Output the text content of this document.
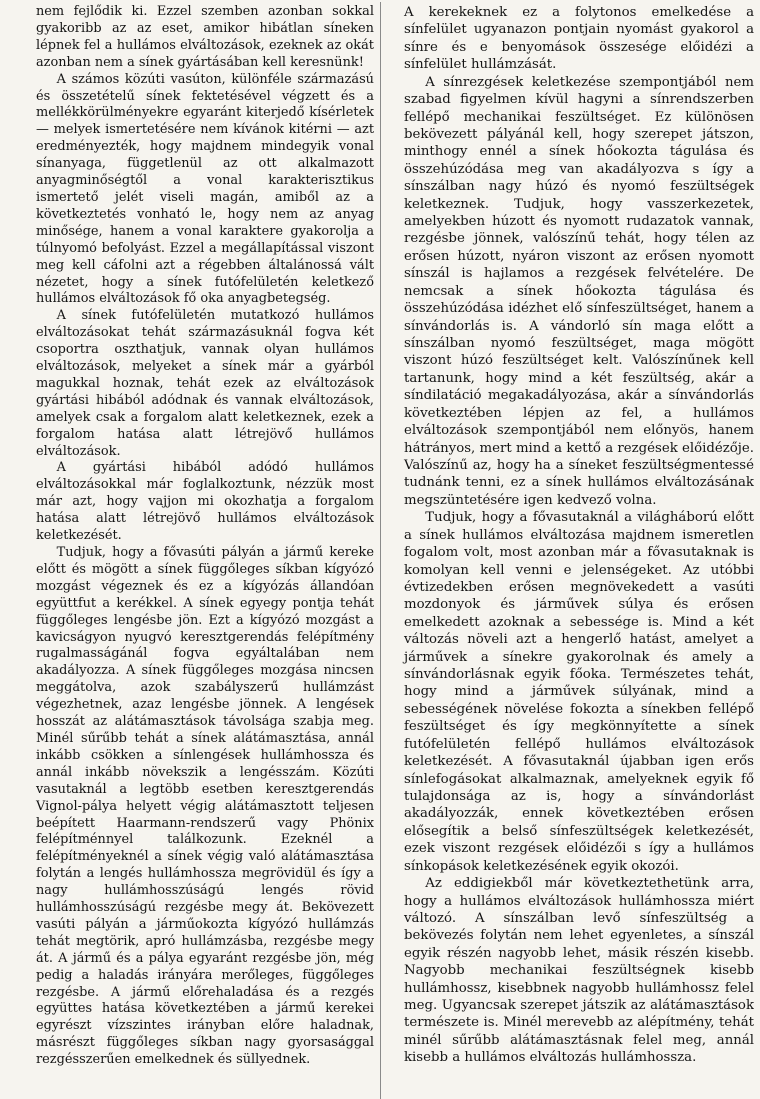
nem fejlődik ki. Ezzel szemben azonban sokkal gyakoribb az az eset, amikor hibátlan síneken lépnek fel a hullámos elváltozások, ezeknek az okát azonban nem a sínek gyártásában kell keresnünk!

A számos közúti vasúton, különféle származású és összetételű sínek fektetésével végzett és a mellékkörülményekre egyaránt kiterjedő kísérletek — melyek ismertetésére nem kívánok kitérni — azt eredményezték, hogy majdnem mindegyik vonal sínanyaga, függetlenül az ott alkalmazott anyagminőségtől a vonal karakterisztikus ismertető jelét viseli magán, amiből az a következtetés vonható le, hogy nem az anyag minősége, hanem a vonal karaktere gyakorolja a túlnyomó befolyást. Ezzel a megállapítással viszont meg kell cáfolni azt a régebben általánossá vált nézetet, hogy a sínek futófelületén keletkező hullámos elváltozások fő oka anyagbetegség.

A sínek futófelületén mutatkozó hullámos elváltozásokat tehát származásuknál fogva két csoportra oszthatjuk, vannak olyan hullámos elváltozások, melyeket a sínek már a gyárból magukkal hoznak, tehát ezek az elváltozások gyártási hibából adódnak és vannak elváltozások, amelyek csak a forgalom alatt keletkeznek, ezek a forgalom hatása alatt létrejövő hullámos elváltozások.

A gyártási hibából adódó hullámos elváltozásokkal már foglalkoztunk, nézzük most már azt, hogy vajjon mi okozhatja a forgalom hatása alatt létrejövő hullámos elváltozások keletkezését.

Tudjuk, hogy a fővasúti pályán a jármű kereke előtt és mögött a sínek függőleges síkban kígyózó mozgást végeznek és ez a kígyózás állandóan együttfut a kerékkel. A sínek egyegy pontja tehát függőleges lengésbe jön. Ezt a kígyózó mozgást a kavicságyon nyugvó keresztgerendás felépítmény rugalmasságánál fogva egyáltalában nem akadályozza. A sínek függőleges mozgása nincsen meggátolva, azok szabályszerű hullámzást végezhetnek, azaz lengésbe jönnek. A lengések hosszát az alátámasztások távolsága szabja meg. Minél sűrűbb tehát a sínek alátámasztása, annál inkább csökken a sínlengések hullámhossza és annál inkább növekszik a lengésszám. Közúti vasutaknál a legtöbb esetben keresztgerendás Vignol-pálya helyett végig alátámasztott teljesen beépített Haarmann-rendszerű vagy Phönix felépítménnyel találkozunk. Ezeknél a felépítményeknél a sínek végig való alátámasztása folytán a lengés hullámhossza megrövidül és így a nagy hullámhosszúságú lengés rövid hullámhosszúságú rezgésbe megy át. Bekövezett vasúti pályán a járműokozta kígyózó hullámzás tehát megtörik, apró hullámzásba, rezgésbe megy át. A jármű és a pálya egyaránt rezgésbe jön, még pedig a haladás irányára merőleges, függőleges rezgésbe. A jármű előrehaladása és a rezgés együttes hatása következtében a jármű kerekei egyrészt vízszintes irányban előre haladnak, másrészt függőleges síkban nagy gyorsasággal rezgésszerűen emelkednek és süllyednek.

A kerekeknek ez a folytonos emelkedése a sínfelület ugyanazon pontjain nyomást gyakorol a sínre és e benyomások összesége előidézi a sínfelület hullámzását.

A sínrezgések keletkezése szempontjából nem szabad figyelmen kívül hagyni a sínrendszerben fellépő mechanikai feszültséget. Ez különösen bekövezett pályánál kell, hogy szerepet játszon, minthogy ennél a sínek hőokozta tágulása és összehúzódása meg van akadályozva s így a sínszálban nagy húzó és nyomó feszültségek keletkeznek. Tudjuk, hogy vasszerkezetek, amelyekben húzott és nyomott rudazatok vannak, rezgésbe jönnek, valószínű tehát, hogy télen az erősen húzott, nyáron viszont az erősen nyomott sínszál is hajlamos a rezgések felvételére. De nemcsak a sínek hőokozta tágulása és összehúzódása idézhet elő sínfeszültséget, hanem a sínvándorlás is. A vándorló sín maga előtt a sínszálban nyomó feszültséget, maga mögött viszont húzó feszültséget kelt. Valószínűnek kell tartanunk, hogy mind a két feszültség, akár a síndilatáció megakadályozása, akár a sínvándorlás következtében lépjen az fel, a hullámos elváltozások szempontjából nem előnyös, hanem hátrányos, mert mind a kettő a rezgések előidézője. Valószínű az, hogy ha a síneket feszültségmentessé tudnánk tenni, ez a sínek hullámos elváltozásának megszüntetésére igen kedvező volna.

Tudjuk, hogy a fővasutaknál a világháború előtt a sínek hullámos elváltozása majdnem ismeretlen fogalom volt, most azonban már a fővasutaknak is komolyan kell venni e jelenségeket. Az utóbbi évtizedekben erősen megnövekedett a vasúti mozdonyok és járművek súlya és erősen emelkedett azoknak a sebessége is. Mind a két változás növeli azt a hengerlő hatást, amelyet a járművek a sínekre gyakorolnak és amely a sínvándorlásnak egyik főoka. Természetes tehát, hogy mind a járművek súlyának, mind a sebességének növelése fokozta a sínekben fellépő feszültséget és így megkönnyítette a sínek futófelületén fellépő hullámos elváltozások keletkezését. A fővasutaknál újabban igen erős sínlefogásokat alkalmaznak, amelyeknek egyik fő tulajdonsága az is, hogy a sínvándorlást akadályozzák, ennek következtében erősen elősegítik a belső sínfeszültségek keletkezését, ezek viszont rezgések előidézői s így a hullámos sínkopások keletkezésének egyik okozói.

Az eddigiekből már következtethetünk arra, hogy a hullámos elváltozások hullámhossza miért változó. A sínszálban levő sínfeszültség a bekövezés folytán nem lehet egyenletes, a sínszál egyik részén nagyobb lehet, másik részén kisebb. Nagyobb mechanikai feszültségnek kisebb hullámhossz, kisebbnek nagyobb hullámhossz felel meg. Ugyancsak szerepet játszik az alátámasztások természete is. Minél merevebb az alépítmény, tehát minél sűrűbb alátámasztásnak felel meg, annál kisebb a hullámos elváltozás hullámhossza.
